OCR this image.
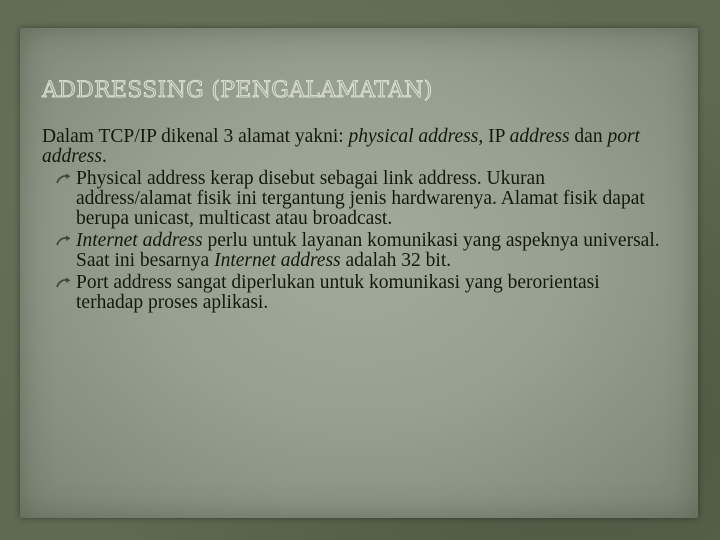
ADDRESSING (PENGALAMATAN)

Dalam TCP/IP dikenal 3 alamat yakni: physical address, IP address dan port address.

Physical address kerap disebut sebagai link address. Ukuran address/alamat fisik ini tergantung jenis hardwarenya. Alamat fisik dapat berupa unicast, multicast atau broadcast.
Internet address perlu untuk layanan komunikasi yang aspeknya universal. Saat ini besarnya Internet address adalah 32 bit.
Port address sangat diperlukan untuk komunikasi yang berorientasi terhadap proses aplikasi.
